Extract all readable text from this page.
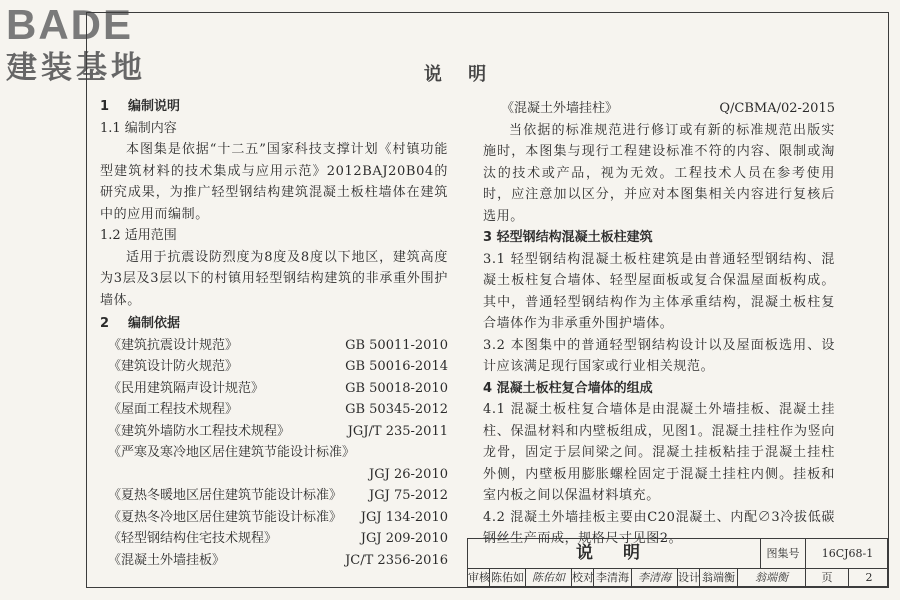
BADE
建装基地	说 明
1 编制说明
1.1 编制内容
本图集是依据“十二五”国家科技支撑计划《村镇功能型建筑材料的技术集成与应用示范》2012BAJ20B04的研究成果，为推广轻型钢结构建筑混凝土板柱墙体在建筑中的应用而编制。
1.2 适用范围
适用于抗震设防烈度为8度及8度以下地区，建筑高度为3层及3层以下的村镇用轻型钢结构建筑的非承重外围护墙体。
2 编制依据
《建筑抗震设计规范》	GB 50011-2010
《建筑设计防火规范》	GB 50016-2014
《民用建筑隔声设计规范》	GB 50018-2010
《屋面工程技术规程》	GB 50345-2012
《建筑外墙防水工程技术规程》	JGJ/T 235-2011
《严寒及寒冷地区居住建筑节能设计标准》
JGJ 26-2010
《夏热冬暖地区居住建筑节能设计标准》 JGJ 75-2012
《夏热冬冷地区居住建筑节能设计标准》 JGJ 134-2010
《轻型钢结构住宅技术规程》	JGJ 209-2010
《混凝土外墙挂板》	JC/T 2356-2016
《混凝土外墙挂柱》	Q/CBMA/02-2015
当依据的标准规范进行修订或有新的标准规范出版实施时，本图集与现行工程建设标准不符的内容、限制或淘汰的技术或产品，视为无效。工程技术人员在参考使用时，应注意加以区分，并应对本图集相关内容进行复核后选用。
3 轻型钢结构混凝土板柱建筑
3.1 轻型钢结构混凝土板柱建筑是由普通轻型钢结构、混凝土板柱复合墙体、轻型屋面板或复合保温屋面板构成。其中，普通轻型钢结构作为主体承重结构，混凝土板柱复合墙体作为非承重外围护墙体。
3.2 本图集中的普通轻型钢结构设计以及屋面板选用、设计应该满足现行国家或行业相关规范。
4 混凝土板柱复合墙体的组成
4.1 混凝土板柱复合墙体是由混凝土外墙挂板、混凝土挂柱、保温材料和内壁板组成，见图1。混凝土挂柱作为竖向龙骨，固定于层间梁之间。混凝土挂板粘挂于混凝土挂柱外侧，内壁板用膨胀螺栓固定于混凝土挂柱内侧。挂板和室内板之间以保温材料填充。
4.2 混凝土外墙挂板主要由C20混凝土、内配∅3冷拔低碳钢丝生产而成，规格尺寸见图2。
说 明	图集号	16CJ68-1
审核 陈佑如 陈佑如 校对 李清海 李清海 设计 翁端衡	翁端衡	页	2
